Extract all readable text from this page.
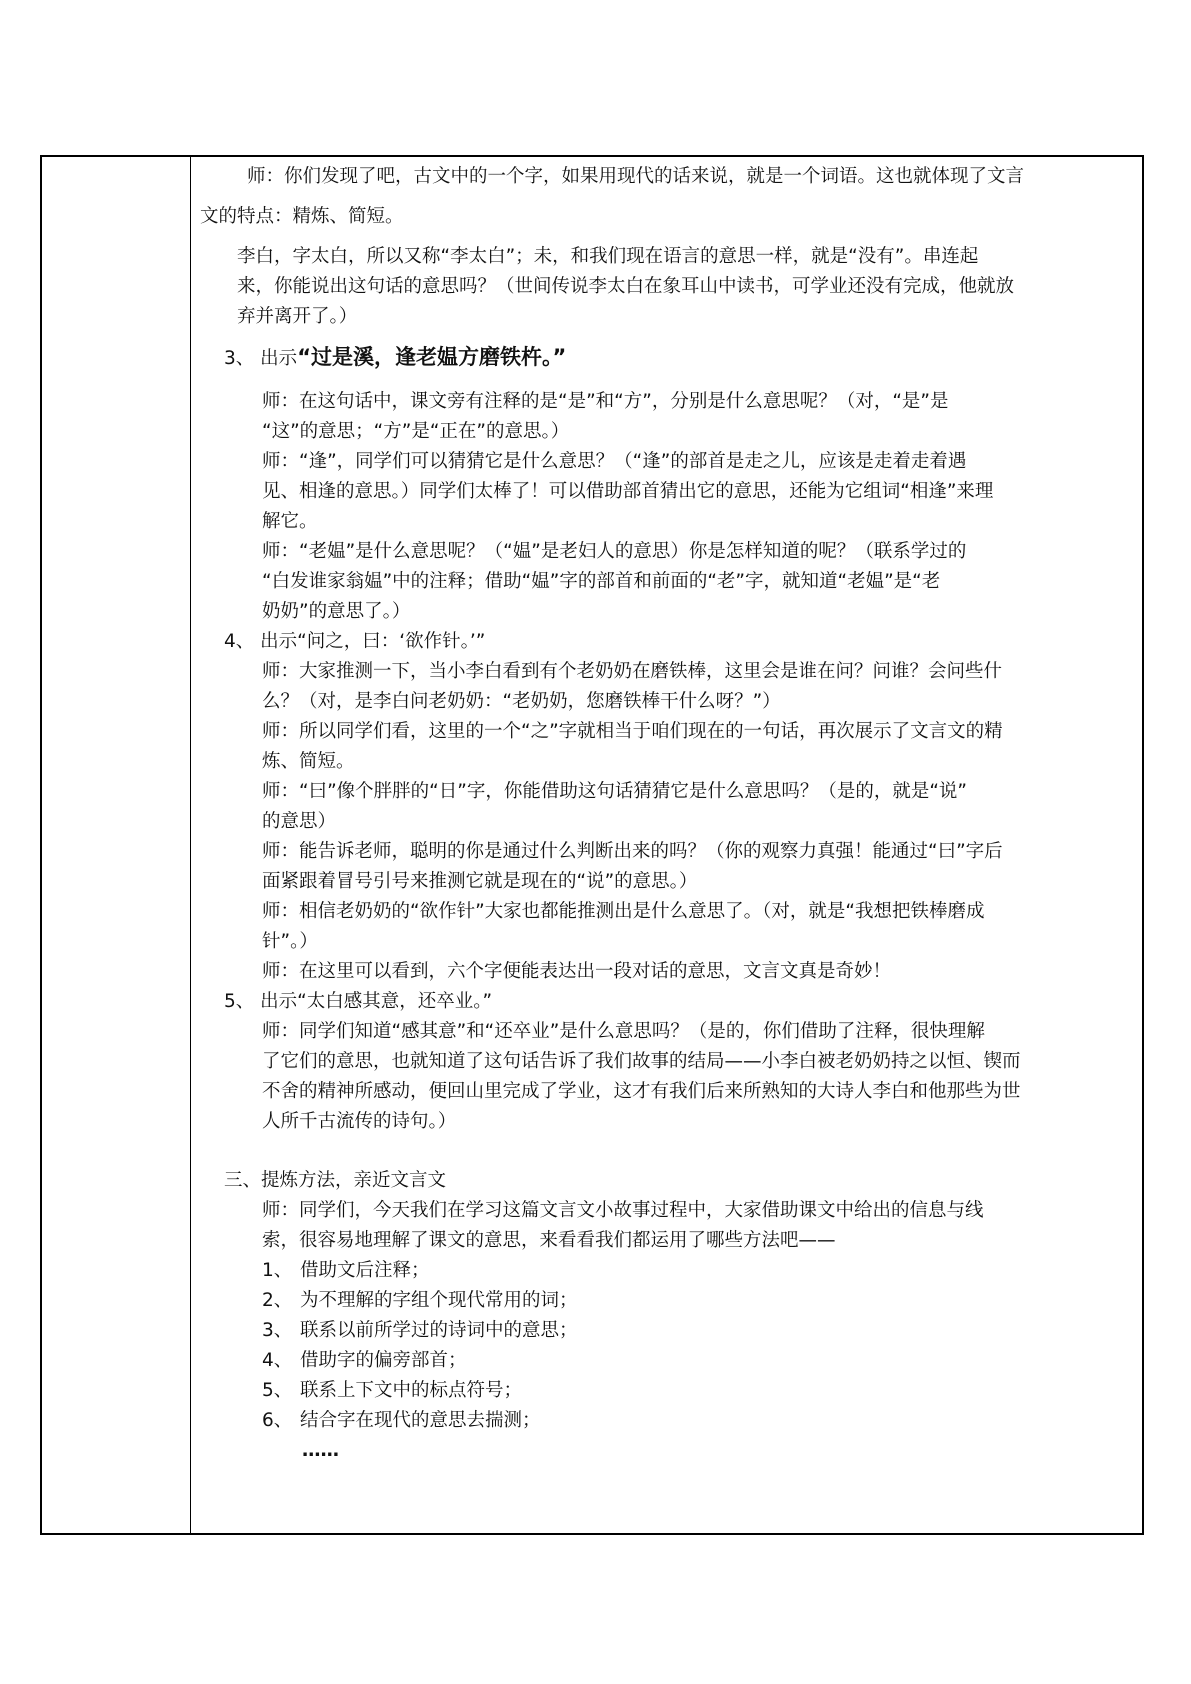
师：你们发现了吧，古文中的一个字，如果用现代的话来说，就是一个词语。这也就体现了文言
文的特点：精炼、简短。
李白，字太白，所以又称“李太白”；未，和我们现在语言的意思一样，就是“没有”。串连起
来，你能说出这句话的意思吗？（世间传说李太白在象耳山中读书，可学业还没有完成，他就放
弃并离开了。）
3、 出示“过是溪，逢老媪方磨铁杵。”
师：在这句话中，课文旁有注释的是“是”和“方”，分别是什么意思呢？（对，“是”是
“这”的意思；“方”是“正在”的意思。）
师：“逢”，同学们可以猜猜它是什么意思？（“逢”的部首是走之儿，应该是走着走着遇
见、相逢的意思。）同学们太棒了！可以借助部首猜出它的意思，还能为它组词“相逢”来理
解它。
师：“老媪”是什么意思呢？（“媪”是老妇人的意思）你是怎样知道的呢？（联系学过的
“白发谁家翁媪”中的注释；借助“媪”字的部首和前面的“老”字，就知道“老媪”是“老
奶奶”的意思了。）
4、 出示“问之，曰：‘欲作针。’”
师：大家推测一下，当小李白看到有个老奶奶在磨铁棒，这里会是谁在问？问谁？会问些什
么？（对，是李白问老奶奶：“老奶奶，您磨铁棒干什么呀？”）
师：所以同学们看，这里的一个“之”字就相当于咱们现在的一句话，再次展示了文言文的精
炼、简短。
师：“曰”像个胖胖的“日”字，你能借助这句话猜猜它是什么意思吗？（是的，就是“说”
的意思）
师：能告诉老师，聪明的你是通过什么判断出来的吗？（你的观察力真强！能通过“曰”字后
面紧跟着冒号引号来推测它就是现在的“说”的意思。）
师：相信老奶奶的“欲作针”大家也都能推测出是什么意思了。（对，就是“我想把铁棒磨成
针”。）
师：在这里可以看到，六个字便能表达出一段对话的意思，文言文真是奇妙！
5、 出示“太白感其意，还卒业。”
师：同学们知道“感其意”和“还卒业”是什么意思吗？（是的，你们借助了注释，很快理解
了它们的意思，也就知道了这句话告诉了我们故事的结局——小李白被老奶奶持之以恒、锲而
不舍的精神所感动，便回山里完成了学业，这才有我们后来所熟知的大诗人李白和他那些为世
人所千古流传的诗句。）
三、提炼方法，亲近文言文
师：同学们，今天我们在学习这篇文言文小故事过程中，大家借助课文中给出的信息与线
索，很容易地理解了课文的意思，来看看我们都运用了哪些方法吧——
1、 借助文后注释；
2、 为不理解的字组个现代常用的词；
3、 联系以前所学过的诗词中的意思；
4、 借助字的偏旁部首；
5、 联系上下文中的标点符号；
6、 结合字在现代的意思去揣测；
……
